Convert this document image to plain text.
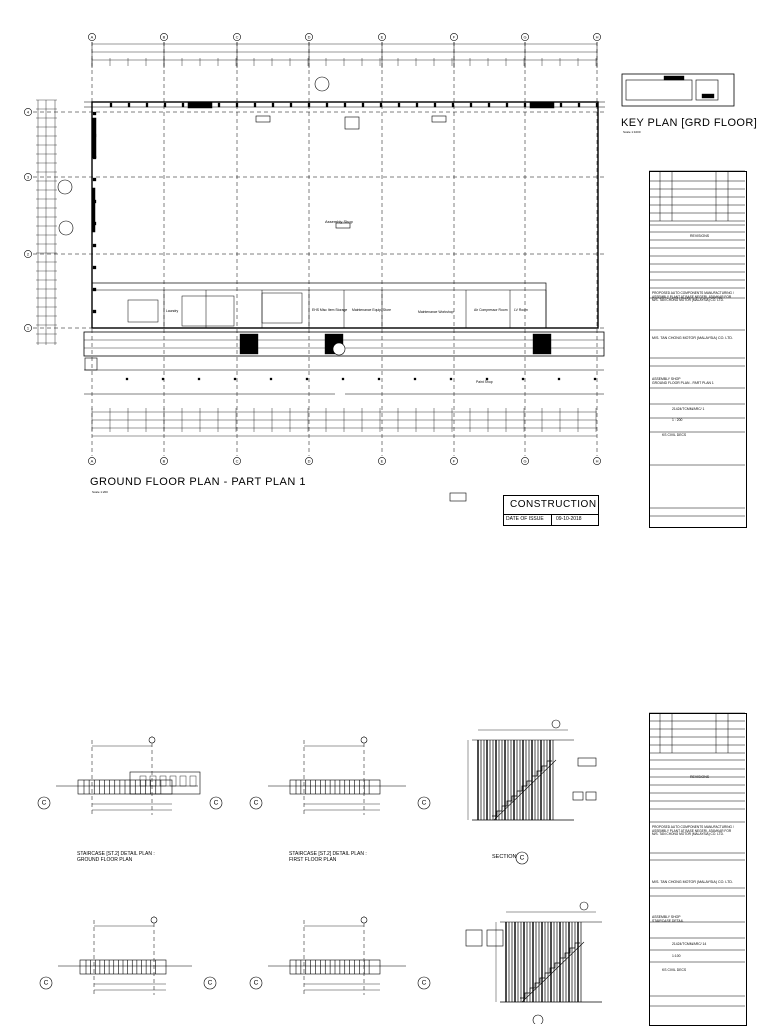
A
A
B
B
C
C
D
D
E
E
F
F
G
G
H
H
4
3
2
1
GROUND FLOOR PLAN - PART PLAN 1
Scale 1:200
Assembly Shop
EHS Misc Item Storage Maintenance Equip. Store	Maintenance Workshop	Air Compressor Room LV Room
Paint Shop
Laundry
KEY PLAN [GRD FLOOR]
Scale 1:1000
CONSTRUCTION
DATE OF ISSUE 09-10-2018
REVISIONS
PROPOSED AUTO COMPONENTS MANUFACTURING /
ASSEMBLY PLANT AT BASE NEGERI, ATAMKAR FOR
M/S. TAN CHONG MOTOR (MALAYSIA) CO. LTD.
M/S. TAN CHONG MOTOR (MALAYSIA) CO. LTD.
ASSEMBLY SHOP
GROUND FLOOR PLAN - PART PLAN 1
21424/TCMM/ARC/ 1
1 : 200
KS CIVIL DECS
C	C	C	C
C	C	C	C
C
STAIRCASE [ST.2] DETAIL PLAN :
GROUND FLOOR PLAN
STAIRCASE [ST.2] DETAIL PLAN :
FIRST FLOOR PLAN	SECTION
REVISIONS
PROPOSED AUTO COMPONENTS MANUFACTURING /
ASSEMBLY PLANT AT BASE NEGERI, ATAMKAR FOR
M/S. TAN CHONG MOTOR (MALAYSIA) CO. LTD.
M/S. TAN CHONG MOTOR (MALAYSIA) CO. LTD.
ASSEMBLY SHOP
STAIRCASE DETAIL
21424/TCMM/ARC/ 14
1:100
KS CIVIL DECS
